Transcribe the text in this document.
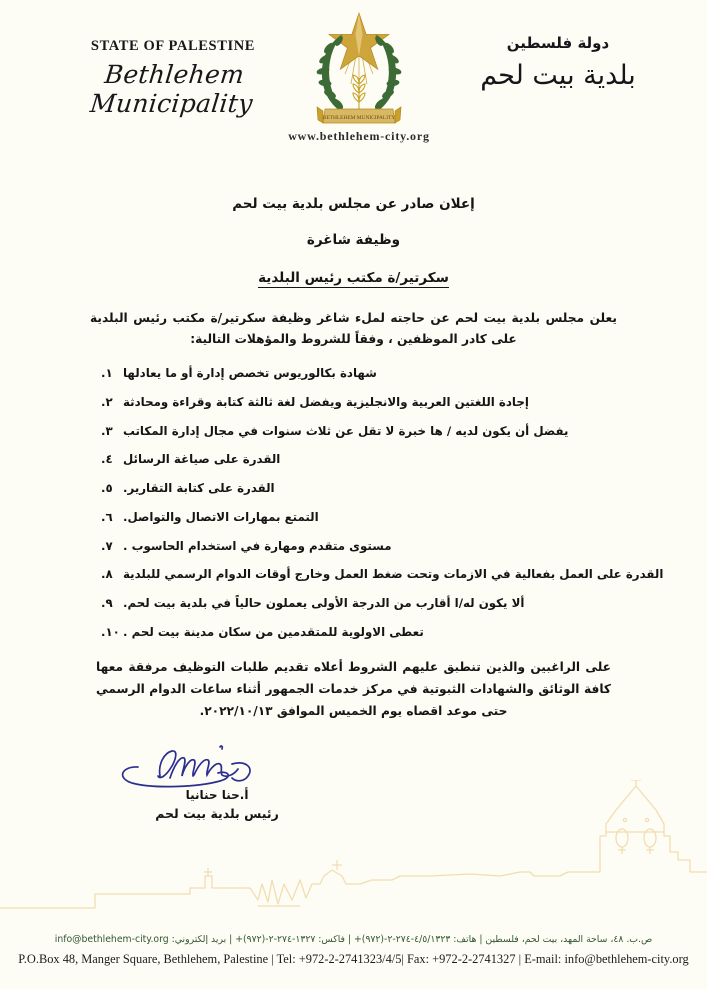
STATE OF PALESTINE
Bethlehem Municipality
دولة فلسطين
بلدية بيت لحم
BETHLEHEM MUNICIPALITY
www.bethlehem-city.org
إعلان صادر عن مجلس بلدية بيت لحم
وظيفة شاغرة
سكرتير/ة مكتب رئيس البلدية

يعلن مجلس بلدية بيت لحم عن حاجته لملء شاغر وظيفة سكرتير/ة مكتب رئيس البلدية على كادر الموظفين ، وفقاً للشروط والمؤهلات التالية:

شهادة بكالوريوس تخصص إدارة أو ما يعادلها
١.
إجادة اللغتين العربية والانجليزية ويفضل لغة ثالثة كتابة وقراءة ومحادثة
٢.
يفضل أن يكون لديه / ها خبرة لا تقل عن ثلاث سنوات في مجال إدارة المكاتب
٣.
القدرة على صياغة الرسائل
٤.
القدرة على كتابة التقارير.
٥.
التمتع بمهارات الاتصال والتواصل.
٦.
مستوى متقدم ومهارة في استخدام الحاسوب .
٧.
القدرة على العمل بفعالية في الازمات وتحت ضغط العمل وخارج أوقات الدوام الرسمي للبلدية
٨.
ألا يكون له/ا أقارب من الدرجة الأولى يعملون حالياً في بلدية بيت لحم.
٩.
تعطى الاولوية للمتقدمين من سكان مدينة بيت لحم .
١٠.

على الراغبين والذين تنطبق عليهم الشروط أعلاه تقديم طلبات التوظيف مرفقة معها كافة الوثائق والشهادات الثبوتية في مركز خدمات الجمهور أثناء ساعات الدوام الرسمي حتى موعد اقصاه يوم الخميس الموافق ٢٠٢٢/١٠/١٣.

أ.حنا حنانيا
رئيس بلدية بيت لحم
ص.ب. ٤٨، ساحة المهد، بيت لحم، فلسطين | هاتف: ٤/٥/١٣٢٣-٢٧٤-٢-(٩٧٢)+ | فاكس: ١٣٢٧-٢٧٤-٢-(٩٧٢)+ | بريد إلكتروني: info@bethlehem-city.org
P.O.Box 48, Manger Square, Bethlehem, Palestine | Tel: +972-2-2741323/4/5| Fax: +972-2-2741327 | E-mail: info@bethlehem-city.org
